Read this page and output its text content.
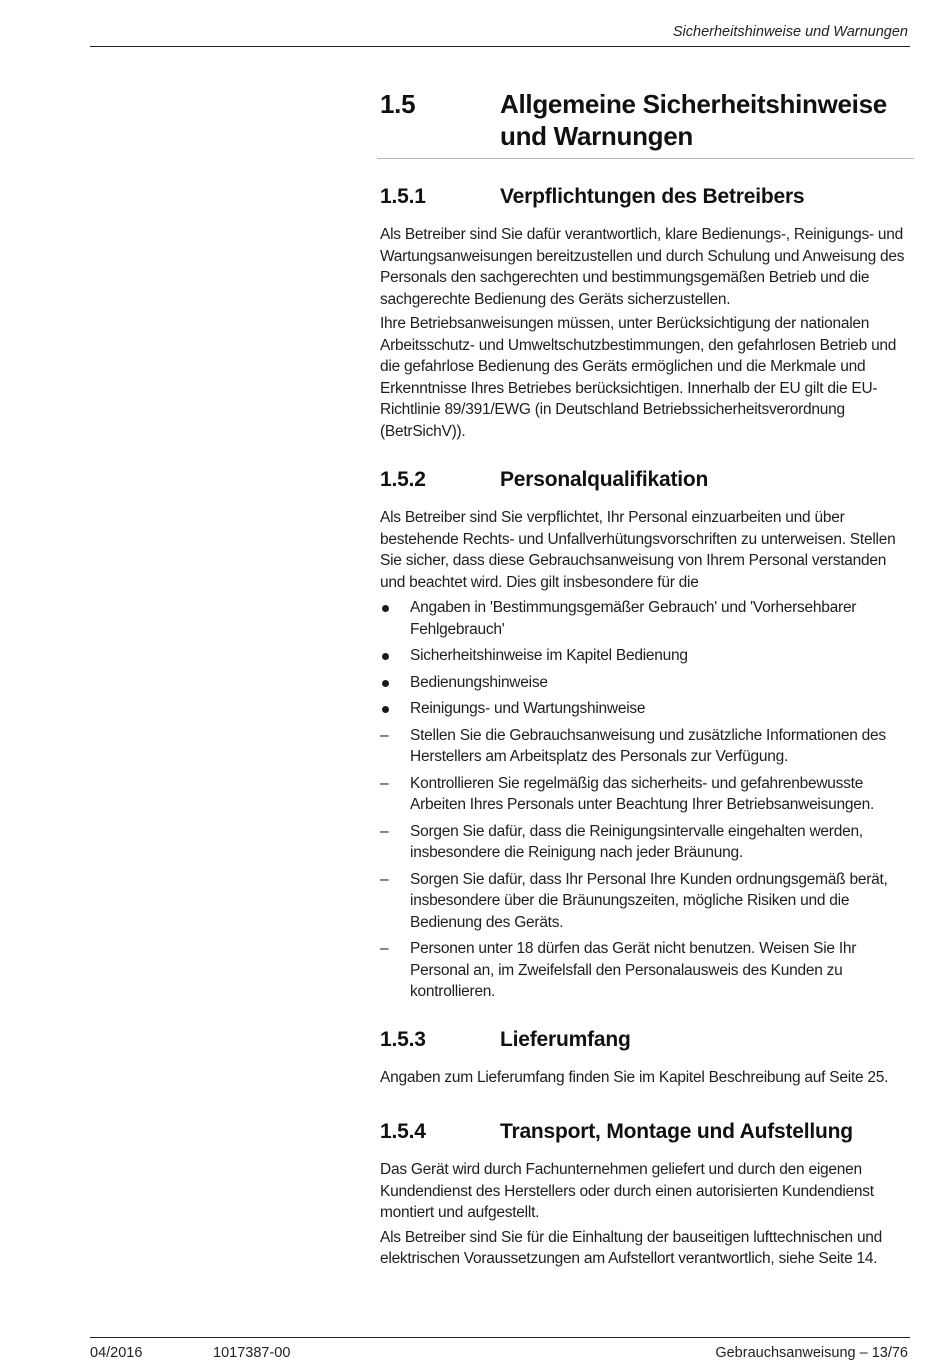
Sicherheitshinweise und Warnungen
1.5	Allgemeine Sicherheitshinweise und Warnungen
1.5.1	Verpflichtungen des Betreibers

Als Betreiber sind Sie dafür verantwortlich, klare Bedienungs-, Reinigungs- und Wartungsanweisungen bereitzustellen und durch Schulung und Anweisung des Personals den sachgerechten und bestimmungsgemäßen Betrieb und die sachgerechte Bedienung des Geräts sicherzustellen.

Ihre Betriebsanweisungen müssen, unter Berücksichtigung der nationalen Arbeitsschutz- und Umweltschutzbestimmungen, den gefahrlosen Betrieb und die gefahrlose Bedienung des Geräts ermöglichen und die Merkmale und Erkenntnisse Ihres Betriebes berücksichtigen. Innerhalb der EU gilt die EU-Richtlinie 89/391/EWG (in Deutschland Betriebssicherheitsverordnung (BetrSichV)).

1.5.2	Personalqualifikation

Als Betreiber sind Sie verpflichtet, Ihr Personal einzuarbeiten und über bestehende Rechts- und Unfallverhütungsvorschriften zu unterweisen. Stellen Sie sicher, dass diese Gebrauchsanweisung von Ihrem Personal verstanden und beachtet wird. Dies gilt insbesondere für die

Angaben in 'Bestimmungsgemäßer Gebrauch' und 'Vorhersehbarer Fehlgebrauch'
Sicherheitshinweise im Kapitel Bedienung
Bedienungshinweise
Reinigungs- und Wartungshinweise
–	Stellen Sie die Gebrauchsanweisung und zusätzliche Informationen des Herstellers am Arbeitsplatz des Personals zur Verfügung.
–	Kontrollieren Sie regelmäßig das sicherheits- und gefahrenbewusste Arbeiten Ihres Personals unter Beachtung Ihrer Betriebsanweisungen.
–	Sorgen Sie dafür, dass die Reinigungsintervalle eingehalten werden, insbesondere die Reinigung nach jeder Bräunung.
–	Sorgen Sie dafür, dass Ihr Personal Ihre Kunden ordnungsgemäß berät, insbesondere über die Bräunungszeiten, mögliche Risiken und die Bedienung des Geräts.
–	Personen unter 18 dürfen das Gerät nicht benutzen. Weisen Sie Ihr Personal an, im Zweifelsfall den Personalausweis des Kunden zu kontrollieren.
1.5.3	Lieferumfang

Angaben zum Lieferumfang finden Sie im Kapitel Beschreibung auf Seite 25.

1.5.4	Transport, Montage und Aufstellung

Das Gerät wird durch Fachunternehmen geliefert und durch den eigenen Kundendienst des Herstellers oder durch einen autorisierten Kundendienst montiert und aufgestellt.

Als Betreiber sind Sie für die Einhaltung der bauseitigen lufttechnischen und elektrischen Voraussetzungen am Aufstellort verantwortlich, siehe Seite 14.

04/2016	1017387-00	Gebrauchsanweisung – 13/76
